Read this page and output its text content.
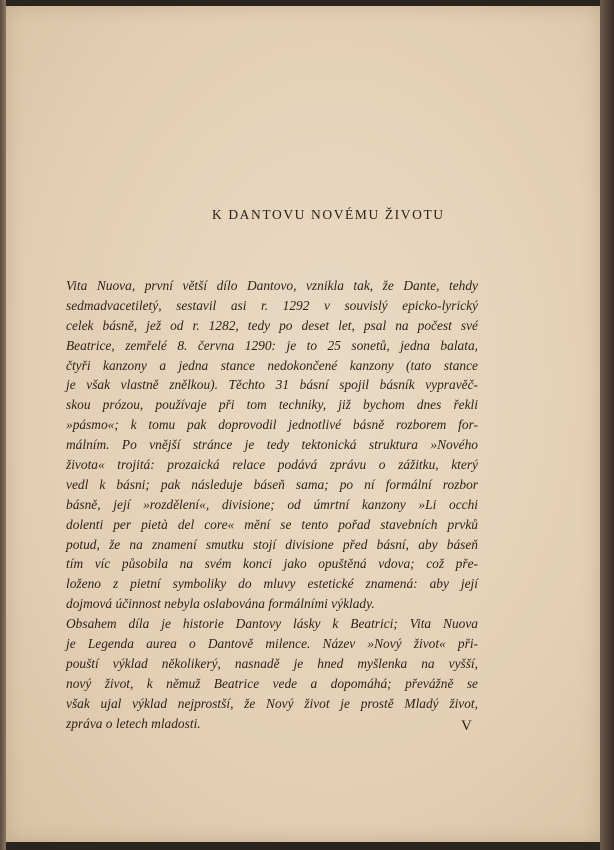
K DANTOVU NOVÉMU ŽIVOTU
Vita Nuova, první větší dílo Dantovo, vznikla tak, že Dante, tehdy
sedmadvacetiletý, sestavil asi r. 1292 v souvislý epicko-lyrický
celek básně, jež od r. 1282, tedy po deset let, psal na počest své
Beatrice, zemřelé 8. června 1290: je to 25 sonetů, jedna balata,
čtyři kanzony a jedna stance nedokončené kanzony (tato stance
je však vlastně znělkou). Těchto 31 básní spojil básník vypravěč-
skou prózou, používaje při tom techniky, již bychom dnes řekli
»pásmo«; k tomu pak doprovodil jednotlivé básně rozborem for-
málním. Po vnější stránce je tedy tektonická struktura »Nového
života« trojitá: prozaická relace podává zprávu o zážitku, který
vedl k básni; pak následuje báseň sama; po ní formální rozbor
básně, její »rozdělení«, divisione; od úmrtní kanzony »Li occhi
dolenti per pietà del core« mění se tento pořad stavebních prvků
potud, že na znamení smutku stojí divisione před básní, aby báseň
tím víc působila na svém konci jako opuštěná vdova; což pře-
loženo z pietní symboliky do mluvy estetické znamená: aby její
dojmová účinnost nebyla oslabována formálními výklady.
Obsahem díla je historie Dantovy lásky k Beatrici; Vita Nuova
je Legenda aurea o Dantově milence. Název »Nový život« při-
pouští výklad několikerý, nasnadě je hned myšlenka na vyšší,
nový život, k němuž Beatrice vede a dopomáhá; převážně se
však ujal výklad nejprostší, že Nový život je prostě Mladý život,
zpráva o letech mladosti.	V
